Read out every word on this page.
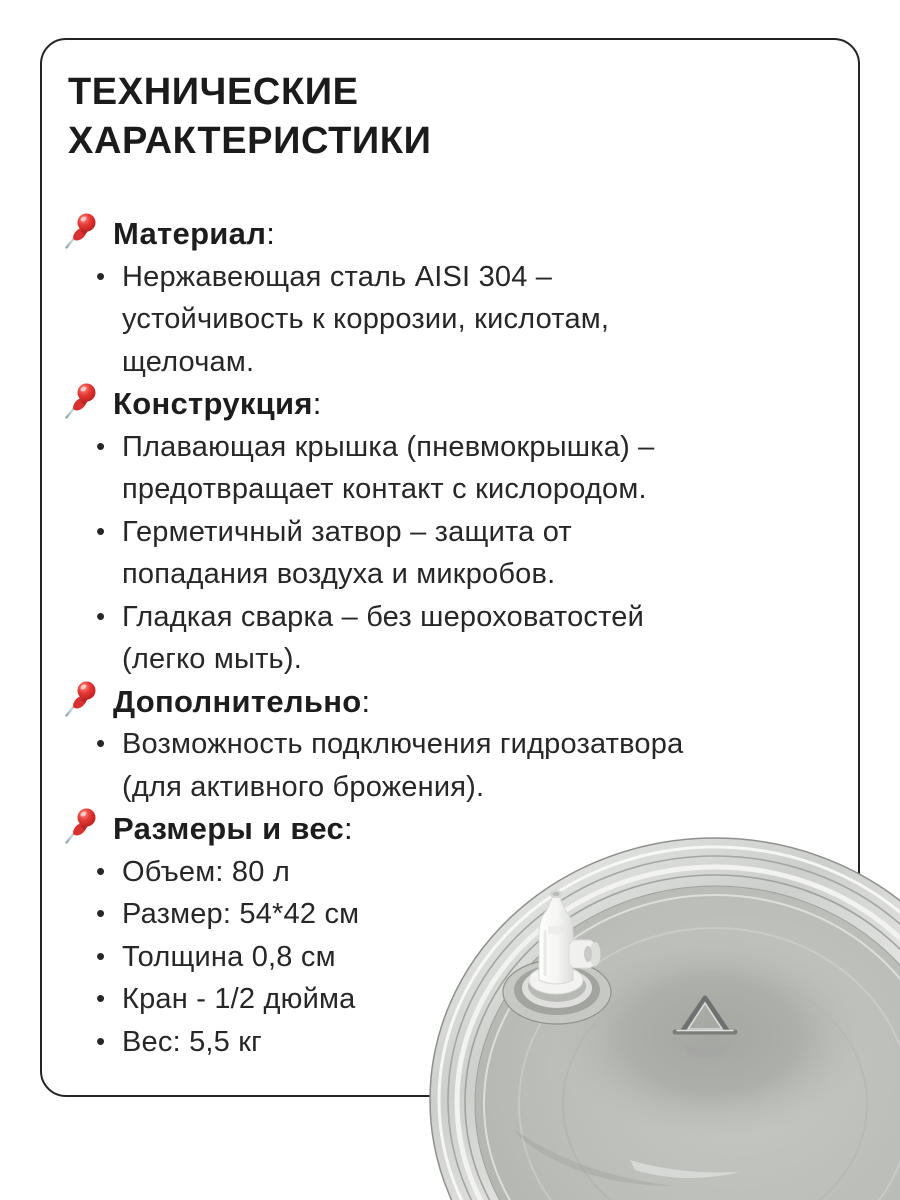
ТЕХНИЧЕСКИЕ
ХАРАКТЕРИСТИКИ
Материал :
• Нержавеющая сталь AISI 304 – устойчивость к коррозии, кислотам, щелочам.
Конструкция :
• Плавающая крышка (пневмокрышка) – предотвращает контакт с кислородом.
• Герметичный затвор – защита от попадания воздуха и микробов.
• Гладкая сварка – без шероховатостей (легко мыть).
Дополнительно :
• Возможность подключения гидрозатвора (для активного брожения).
Размеры и вес :
• Объем: 80 л
• Размер: 54*42 см
• Толщина 0,8 см
• Кран - 1/2 дюйма
• Вес: 5,5 кг
